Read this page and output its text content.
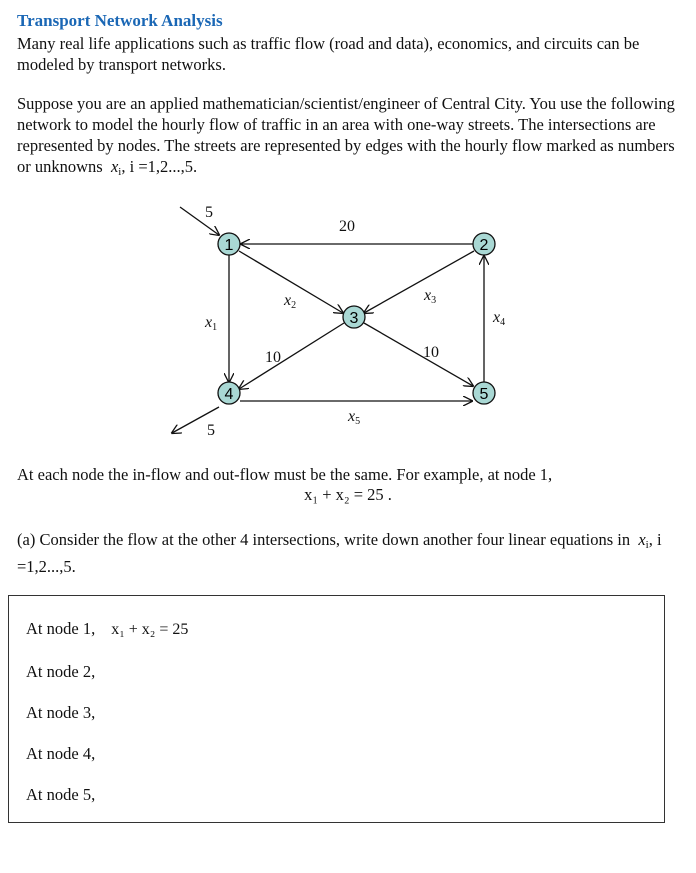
Transport Network Analysis
Many real life applications such as traffic flow (road and data), economics, and circuits can be modeled by transport networks.
Suppose you are an applied mathematician/scientist/engineer of Central City. You use the following network to model the hourly flow of traffic in an area with one-way streets. The intersections are represented by nodes. The streets are represented by edges with the hourly flow marked as numbers or unknowns $x_i$, i =1,2...,5.
1	2
3
4	5
5
5
20
10	10
x1
x2
x3
x4
x5
At each node the in-flow and out-flow must be the same. For example, at node 1,
x₁ + x₂ = 25 .
(a) Consider the flow at the other 4 intersections, write down another four linear equations in $x_i$, i =1,2...,5.
At node 1, x₁ + x₂ = 25
At node 2,
At node 3,
At node 4,
At node 5,
